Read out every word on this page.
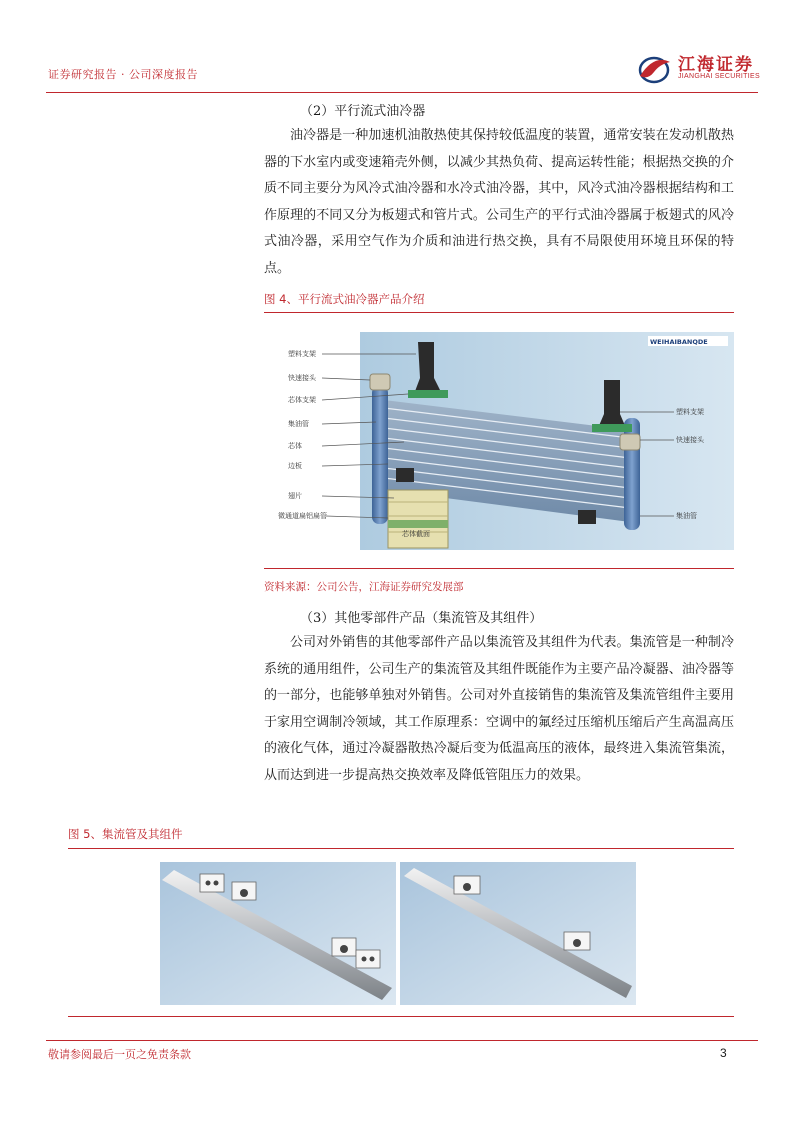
证券研究报告 · 公司深度报告	江海证券
JIANGHAI SECURITIES
（2）平行流式油冷器
油冷器是一种加速机油散热使其保持较低温度的装置，通常安装在发动机散热器的下水室内或变速箱壳外侧，以减少其热负荷、提高运转性能；根据热交换的介质不同主要分为风冷式油冷器和水冷式油冷器，其中，风冷式油冷器根据结构和工作原理的不同又分为板翅式和管片式。公司生产的平行式油冷器属于板翅式的风冷式油冷器，采用空气作为介质和油进行热交换，具有不局限使用环境且环保的特点。
图 4、平行流式油冷器产品介绍
芯体截面
WEIHAIBANQDE
塑料支架
快速接头
芯体支架
集油管
芯体
边板
翅片
微通道扁铝扁管
塑料支架
快速接头
集油管
资料来源：公司公告，江海证券研究发展部
（3）其他零部件产品（集流管及其组件）
公司对外销售的其他零部件产品以集流管及其组件为代表。集流管是一种制冷系统的通用组件，公司生产的集流管及其组件既能作为主要产品冷凝器、油冷器等的一部分，也能够单独对外销售。公司对外直接销售的集流管及集流管组件主要用于家用空调制冷领域，其工作原理系：空调中的氟经过压缩机压缩后产生高温高压的液化气体，通过冷凝器散热冷凝后变为低温高压的液体，最终进入集流管集流，从而达到进一步提高热交换效率及降低管阻压力的效果。
图 5、集流管及其组件
敬请参阅最后一页之免责条款	3
